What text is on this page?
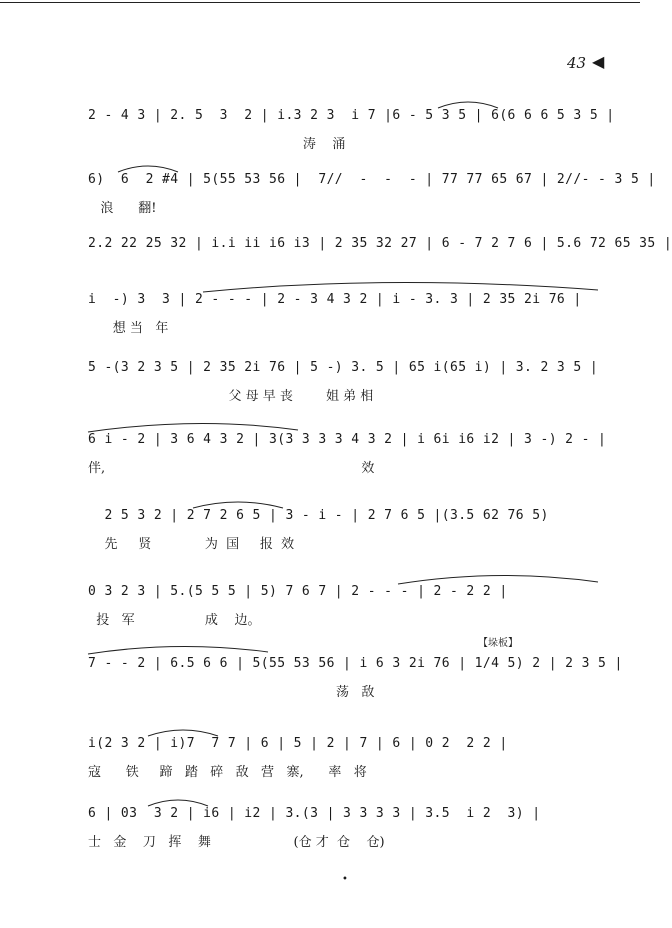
43 ◀
2 - 4 3 | 2. 5  3  2 | i.3 2 3  i 7 |6 - 5 3 5 | 6(6 6 6 5 3 5 |
涛    涌
6)  6  2 #4 | 5(55 53 56 |  7//  -  -  - | 77 77 65 67 | 2//- - 3 5 |
浪      翻!
2.2 22 25 32 | i.i ii i6 i3 | 2 35 32 27 | 6 - 7 2 7 6 | 5.6 72 65 35 |
i  -) 3  3 | 2 - - - | 2 - 3 4 3 2 | i - 3. 3 | 2 35 2i 76 |
想 当   年
5 -(3 2 3 5 | 2 35 2i 76 | 5 -) 3. 5 | 65 i(65 i) | 3. 2 3 5 |
父 母 早 丧        姐 弟 相
6 i - 2 | 3 6 4 3 2 | 3(3 3 3 3 4 3 2 | i 6i i6 i2 | 3 -) 2 - |
伴,                                                              效
2 5 3 2 | 2 7 2 6 5 | 3 - i - | 2 7 6 5 |(3.5 62 76 5)
先     贤             为  国     报  效
0 3 2 3 | 5.(5 5 5 | 5) 7 6 7 | 2 - - - | 2 - 2 2 |
投   军                 成    边。
【垛板】
7 - - 2 | 6.5 6 6 | 5(55 53 56 | i 6 3 2i 76 | 1/4 5) 2 | 2 3 5 |
荡   敌
i(2 3 2 | i)7  7 7 | 6 | 5 | 2 | 7 | 6 | 0 2  2 2 |
寇      铁     蹄   踏   碎   敌   营   寨,      率   将
6 | 03  3 2 | i6 | i2 | 3.(3 | 3 3 3 3 | 3.5  i 2  3) |
士   金    刀   挥    舞                    (仓 才  仓    仓)
•
